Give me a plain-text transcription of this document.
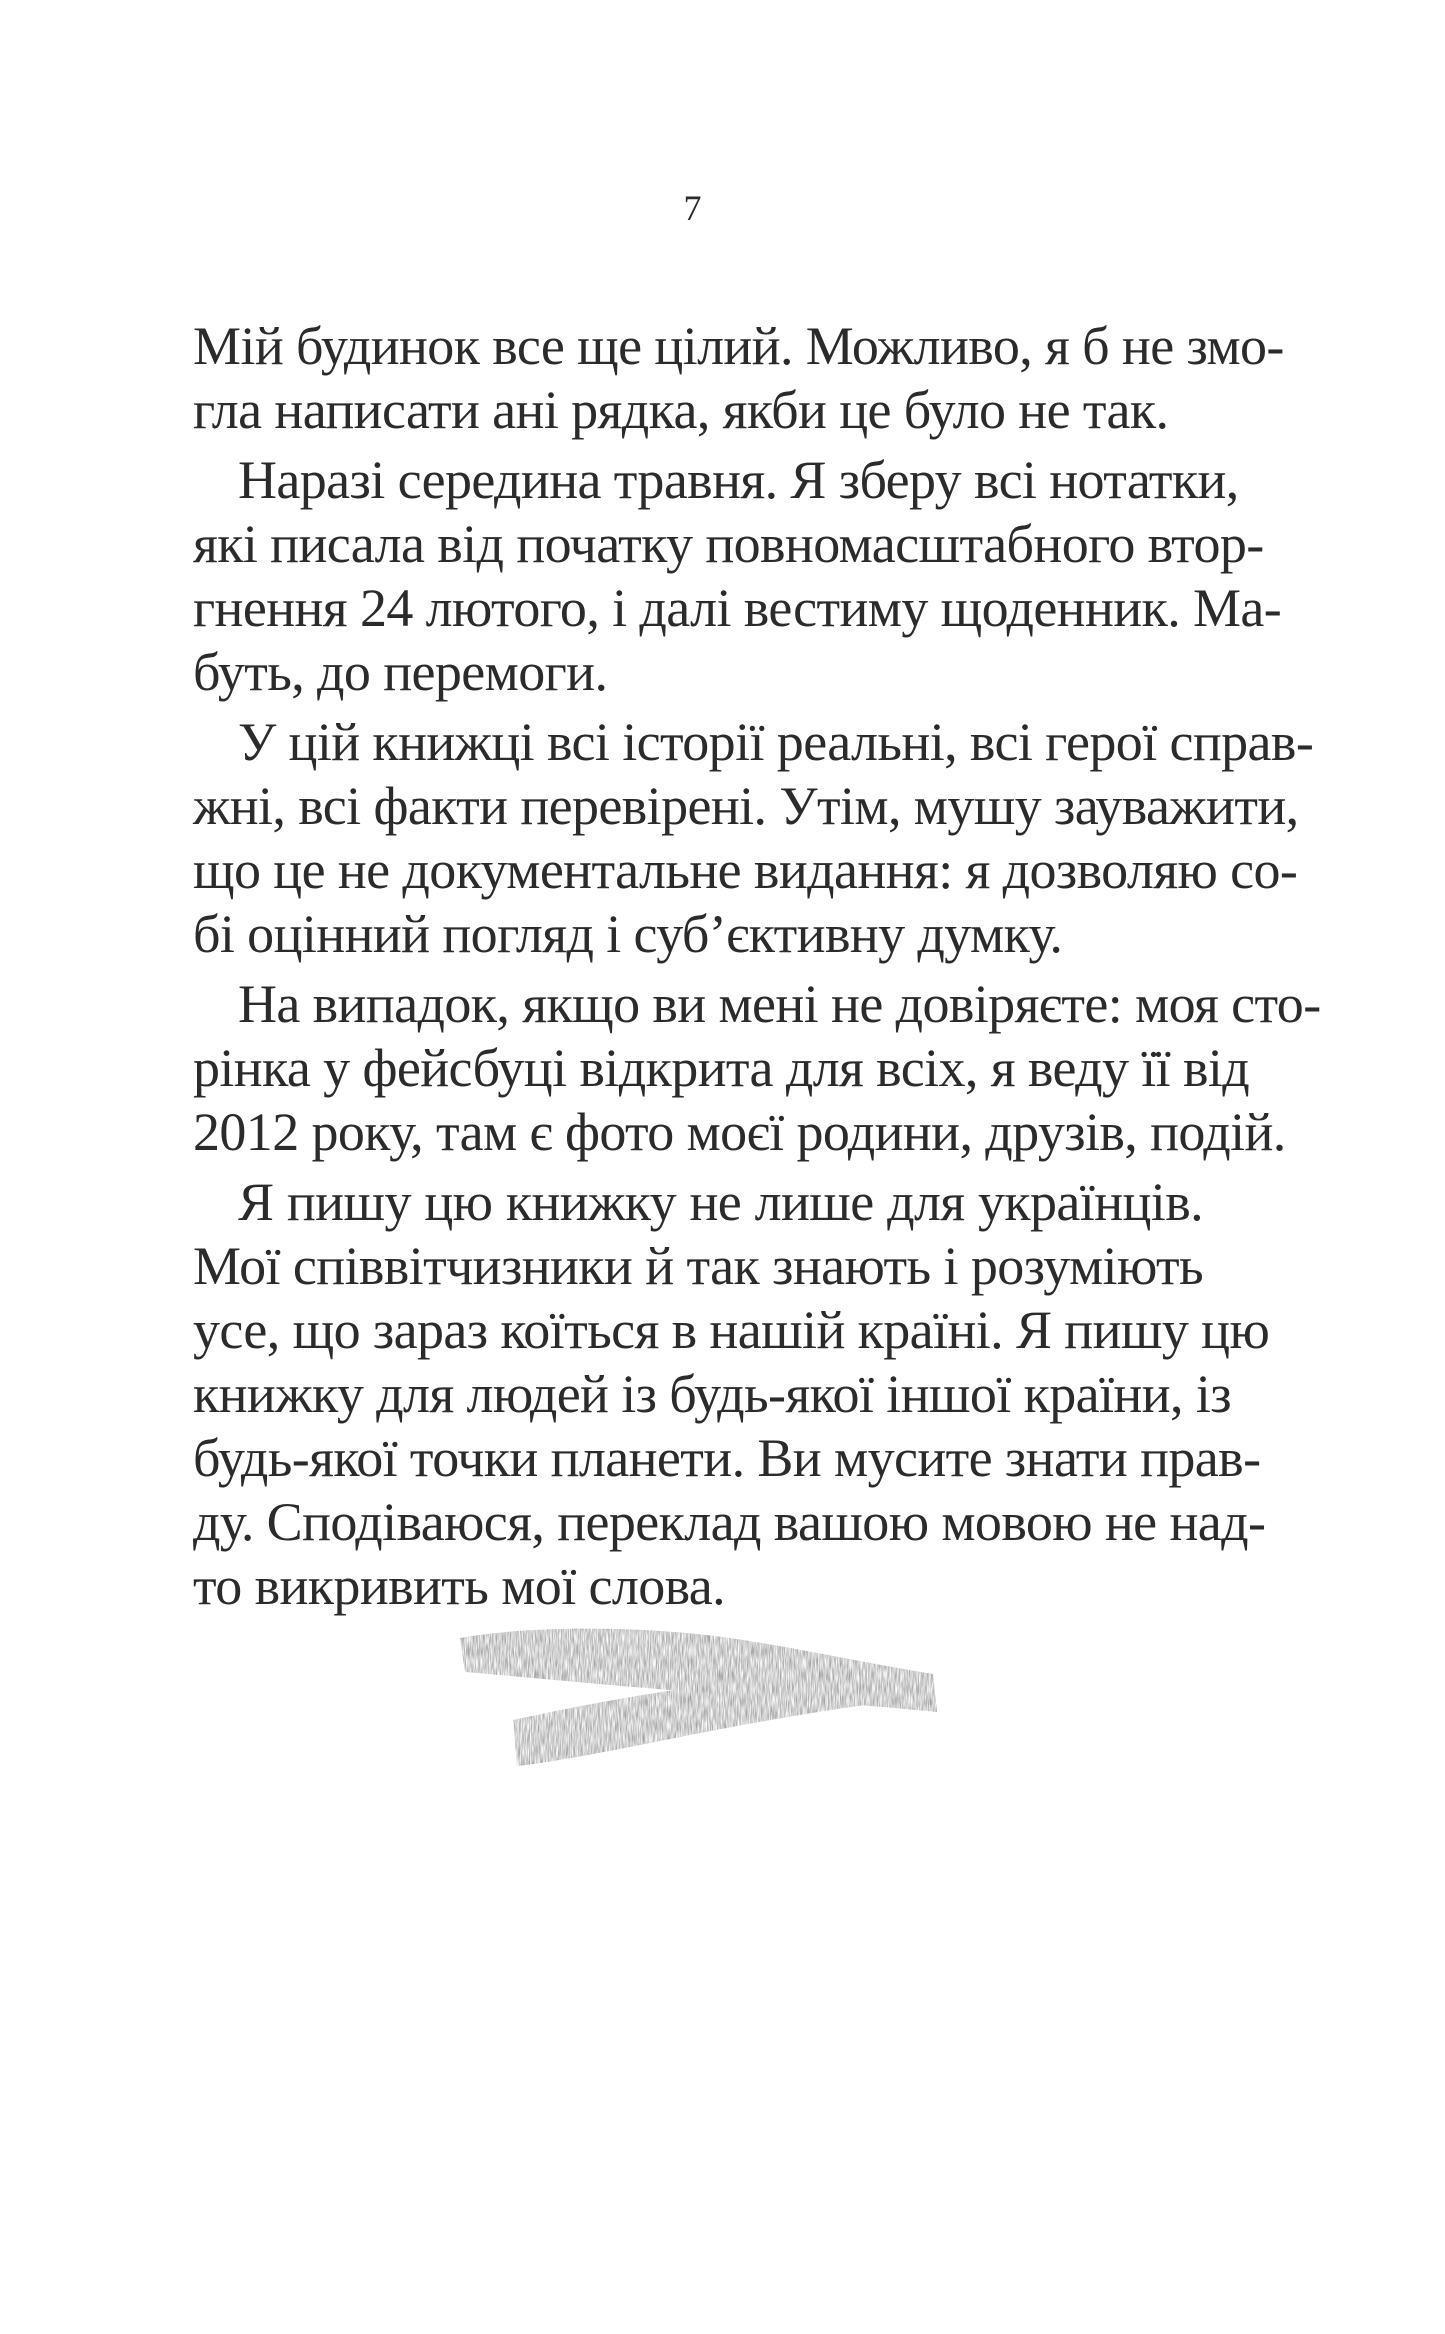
7
Мій будинок все ще цілий. Можливо, я б не змо-
гла написати ані рядка, якби це було не так.
Наразі середина травня. Я зберу всі нотатки,
які писала від початку повномасштабного втор-
гнення 24 лютого, і далі вестиму щоденник. Ма-
буть, до перемоги.
У цій книжці всі історії реальні, всі герої справ-
жні, всі факти перевірені. Утім, мушу зауважити,
що це не документальне видання: я дозволяю со-
бі оцінний погляд і суб’єктивну думку.
На випадок, якщо ви мені не довіряєте: моя сто-
рінка у фейсбуці відкрита для всіх, я веду її від
2012 року, там є фото моєї родини, друзів, подій.
Я пишу цю книжку не лише для українців.
Мої співвітчизники й так знають і розуміють
усе, що зараз коїться в нашій країні. Я пишу цю
книжку для людей із будь-якої іншої країни, із
будь-якої точки планети. Ви мусите знати прав-
ду. Сподіваюся, переклад вашою мовою не над-
то викривить мої слова.
